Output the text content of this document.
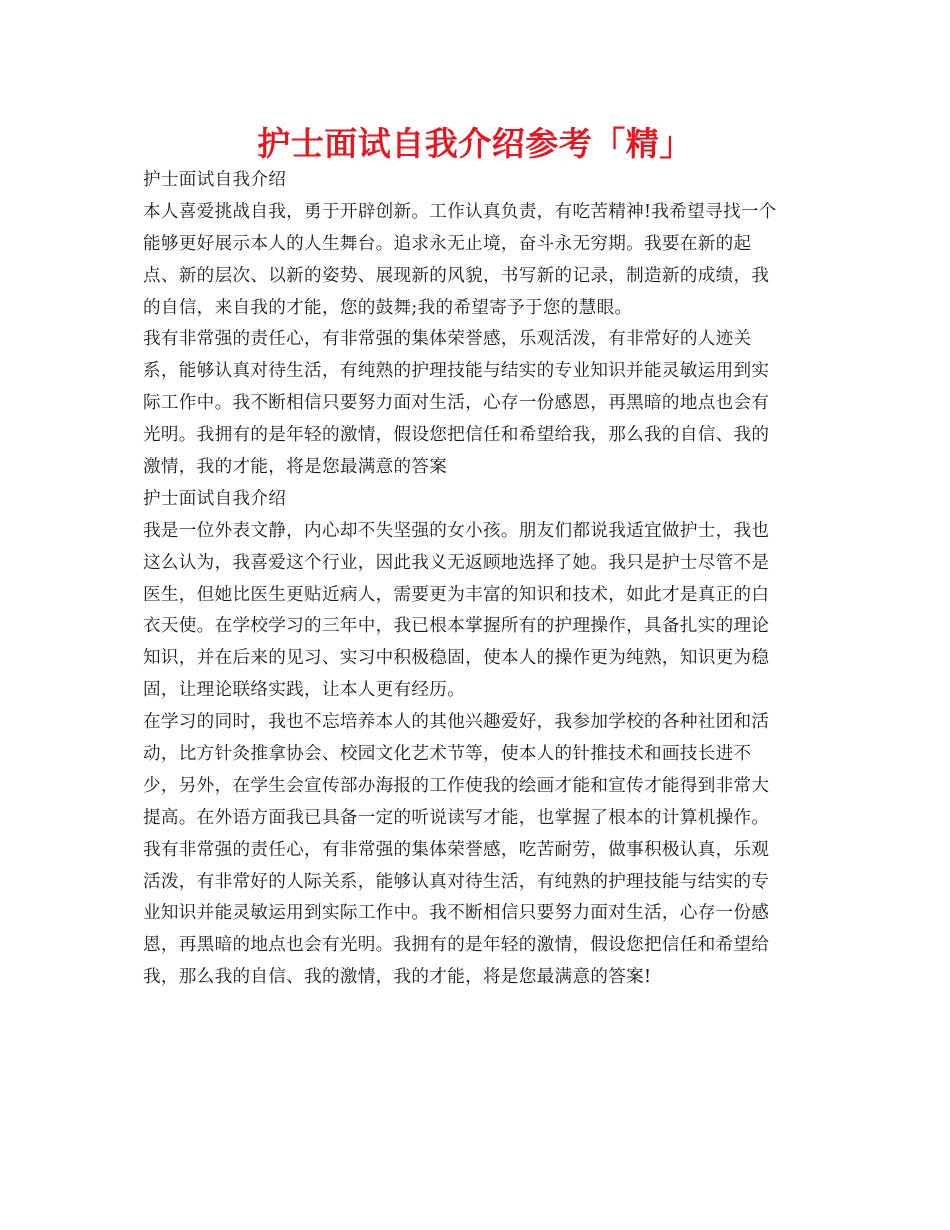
护士面试自我介绍参考「精」
护士面试自我介绍
本人喜爱挑战自我，勇于开辟创新。工作认真负责，有吃苦精神!我希望寻找一个
能够更好展示本人的人生舞台。追求永无止境，奋斗永无穷期。我要在新的起
点、新的层次、以新的姿势、展现新的风貌，书写新的记录，制造新的成绩，我
的自信，来自我的才能，您的鼓舞;我的希望寄予于您的慧眼。
我有非常强的责任心，有非常强的集体荣誉感，乐观活泼，有非常好的人迹关
系，能够认真对待生活，有纯熟的护理技能与结实的专业知识并能灵敏运用到实
际工作中。我不断相信只要努力面对生活，心存一份感恩，再黑暗的地点也会有
光明。我拥有的是年轻的激情，假设您把信任和希望给我，那么我的自信、我的
激情，我的才能，将是您最满意的答案
护士面试自我介绍
我是一位外表文静，内心却不失坚强的女小孩。朋友们都说我适宜做护士，我也
这么认为，我喜爱这个行业，因此我义无返顾地选择了她。我只是护士尽管不是
医生，但她比医生更贴近病人，需要更为丰富的知识和技术，如此才是真正的白
衣天使。在学校学习的三年中，我已根本掌握所有的护理操作，具备扎实的理论
知识，并在后来的见习、实习中积极稳固，使本人的操作更为纯熟，知识更为稳
固，让理论联络实践，让本人更有经历。
在学习的同时，我也不忘培养本人的其他兴趣爱好，我参加学校的各种社团和活
动，比方针灸推拿协会、校园文化艺术节等，使本人的针推技术和画技长进不
少，另外，在学生会宣传部办海报的工作使我的绘画才能和宣传才能得到非常大
提高。在外语方面我已具备一定的听说读写才能，也掌握了根本的计算机操作。
我有非常强的责任心，有非常强的集体荣誉感，吃苦耐劳，做事积极认真，乐观
活泼，有非常好的人际关系，能够认真对待生活，有纯熟的护理技能与结实的专
业知识并能灵敏运用到实际工作中。我不断相信只要努力面对生活，心存一份感
恩，再黑暗的地点也会有光明。我拥有的是年轻的激情，假设您把信任和希望给
我，那么我的自信、我的激情，我的才能，将是您最满意的答案!
